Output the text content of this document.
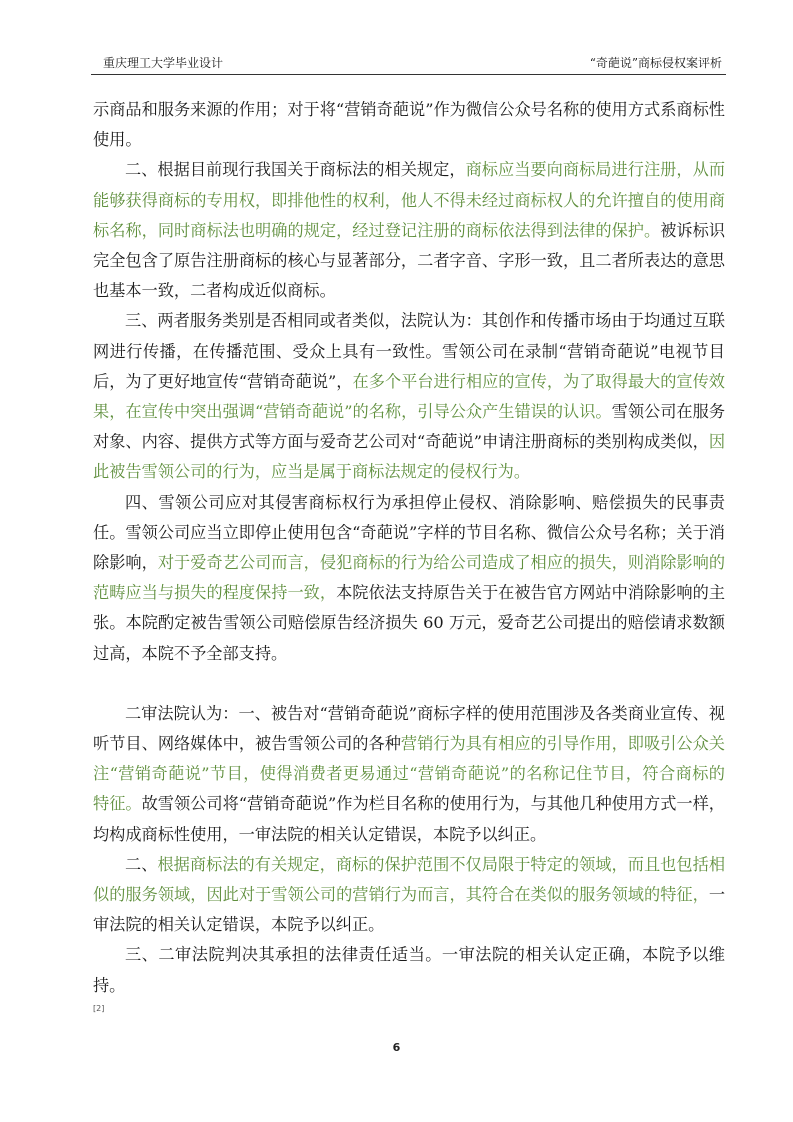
重庆理工大学毕业设计	“奇葩说”商标侵权案评析

示商品和服务来源的作用；对于将“营销奇葩说”作为微信公众号名称的使用方式系商标性使用。

二、根据目前现行我国关于商标法的相关规定，商标应当要向商标局进行注册，从而能够获得商标的专用权，即排他性的权利，他人不得未经过商标权人的允许擅自的使用商标名称，同时商标法也明确的规定，经过登记注册的商标依法得到法律的保护。被诉标识完全包含了原告注册商标的核心与显著部分，二者字音、字形一致，且二者所表达的意思也基本一致，二者构成近似商标。

三、两者服务类别是否相同或者类似，法院认为：其创作和传播市场由于均通过互联网进行传播，在传播范围、受众上具有一致性。雪领公司在录制“营销奇葩说”电视节目后，为了更好地宣传“营销奇葩说”，在多个平台进行相应的宣传，为了取得最大的宣传效果，在宣传中突出强调“营销奇葩说”的名称，引导公众产生错误的认识。雪领公司在服务对象、内容、提供方式等方面与爱奇艺公司对“奇葩说”申请注册商标的类别构成类似，因此被告雪领公司的行为，应当是属于商标法规定的侵权行为。

四、雪领公司应对其侵害商标权行为承担停止侵权、消除影响、赔偿损失的民事责任。雪领公司应当立即停止使用包含“奇葩说”字样的节目名称、微信公众号名称；关于消除影响，对于爱奇艺公司而言，侵犯商标的行为给公司造成了相应的损失，则消除影响的范畴应当与损失的程度保持一致，本院依法支持原告关于在被告官方网站中消除影响的主张。本院酌定被告雪领公司赔偿原告经济损失 60 万元，爱奇艺公司提出的赔偿请求数额过高，本院不予全部支持。

二审法院认为：一、被告对“营销奇葩说”商标字样的使用范围涉及各类商业宣传、视听节目、网络媒体中，被告雪领公司的各种营销行为具有相应的引导作用，即吸引公众关注“营销奇葩说”节目，使得消费者更易通过“营销奇葩说”的名称记住节目，符合商标的特征。故雪领公司将“营销奇葩说”作为栏目名称的使用行为，与其他几种使用方式一样，均构成商标性使用，一审法院的相关认定错误，本院予以纠正。

二、根据商标法的有关规定，商标的保护范围不仅局限于特定的领域，而且也包括相似的服务领域，因此对于雪领公司的营销行为而言，其符合在类似的服务领域的特征，一审法院的相关认定错误，本院予以纠正。

三、二审法院判决其承担的法律责任适当。一审法院的相关认定正确，本院予以维持。

[2]
6
